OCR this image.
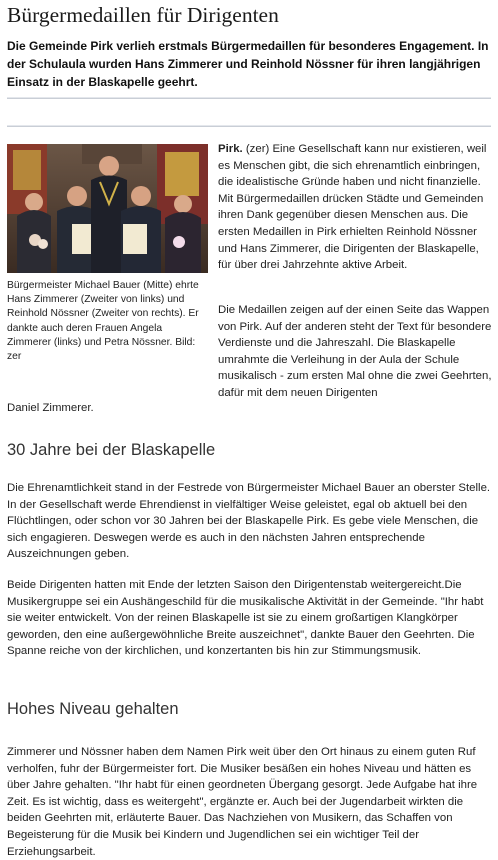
Bürgermedaillen für Dirigenten

Die Gemeinde Pirk verlieh erstmals Bürgermedaillen für besonderes Engagement. In der Schulaula wurden Hans Zimmerer und Reinhold Nössner für ihren langjährigen Einsatz in der Blaskapelle geehrt.

Bürgermeister Michael Bauer (Mitte) ehrte Hans Zimmerer (Zweiter von links) und Reinhold Nössner (Zweiter von rechts). Er dankte auch deren Frauen Angela Zimmerer (links) und Petra Nössner. Bild: zer

Pirk. (zer) Eine Gesellschaft kann nur existieren, weil es Menschen gibt, die sich ehrenamtlich einbringen, die idealistische Gründe haben und nicht finanzielle. Mit Bürgermedaillen drücken Städte und Gemeinden ihren Dank gegenüber diesen Menschen aus. Die ersten Medaillen in Pirk erhielten Reinhold Nössner und Hans Zimmerer, die Dirigenten der Blaskapelle, für über drei Jahrzehnte aktive Arbeit.

Die Medaillen zeigen auf der einen Seite das Wappen von Pirk. Auf der anderen steht der Text für besondere Verdienste und die Jahreszahl. Die Blaskapelle umrahmte die Verleihung in der Aula der Schule musikalisch - zum ersten Mal ohne die zwei Geehrten, dafür mit dem neuen Dirigenten

Daniel Zimmerer.

30 Jahre bei der Blaskapelle

Die Ehrenamtlichkeit stand in der Festrede von Bürgermeister Michael Bauer an oberster Stelle. In der Gesellschaft werde Ehrendienst in vielfältiger Weise geleistet, egal ob aktuell bei den Flüchtlingen, oder schon vor 30 Jahren bei der Blaskapelle Pirk. Es gebe viele Menschen, die sich engagieren. Deswegen werde es auch in den nächsten Jahren entsprechende Auszeichnungen geben.

Beide Dirigenten hatten mit Ende der letzten Saison den Dirigentenstab weitergereicht.Die Musikergruppe sei ein Aushängeschild für die musikalische Aktivität in der Gemeinde. "Ihr habt sie weiter entwickelt. Von der reinen Blaskapelle ist sie zu einem großartigen Klangkörper geworden, den eine außergewöhnliche Breite auszeichnet", dankte Bauer den Geehrten. Die Spanne reiche von der kirchlichen, und konzertanten bis hin zur Stimmungsmusik.

Hohes Niveau gehalten

Zimmerer und Nössner haben dem Namen Pirk weit über den Ort hinaus zu einem guten Ruf verholfen, fuhr der Bürgermeister fort. Die Musiker besäßen ein hohes Niveau und hätten es über Jahre gehalten. "Ihr habt für einen geordneten Übergang gesorgt. Jede Aufgabe hat ihre Zeit. Es ist wichtig, dass es weitergeht", ergänzte er. Auch bei der Jugendarbeit wirkten die beiden Geehrten mit, erläuterte Bauer. Das Nachziehen von Musikern, das Schaffen von Begeisterung für die Musik bei Kindern und Jugendlichen sei ein wichtiger Teil der Erziehungsarbeit.
